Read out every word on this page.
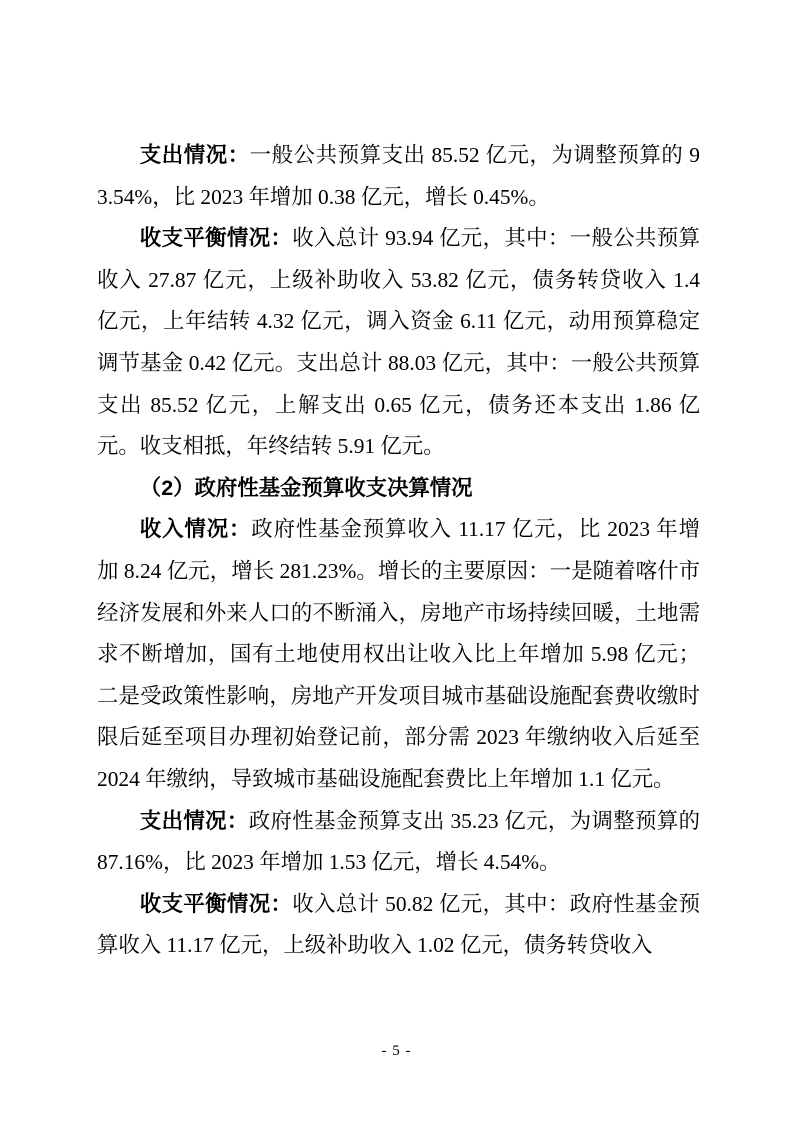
支出情况：一般公共预算支出 85.52 亿元，为调整预算的 93.54%，比 2023 年增加 0.38 亿元，增长 0.45%。

收支平衡情况：收入总计 93.94 亿元，其中：一般公共预算收入 27.87 亿元，上级补助收入 53.82 亿元，债务转贷收入 1.4 亿元，上年结转 4.32 亿元，调入资金 6.11 亿元，动用预算稳定调节基金 0.42 亿元。支出总计 88.03 亿元，其中：一般公共预算支出 85.52 亿元，上解支出 0.65 亿元，债务还本支出 1.86 亿元。收支相抵，年终结转 5.91 亿元。

（2）政府性基金预算收支决算情况

收入情况：政府性基金预算收入 11.17 亿元，比 2023 年增加 8.24 亿元，增长 281.23%。增长的主要原因：一是随着喀什市经济发展和外来人口的不断涌入，房地产市场持续回暖，土地需求不断增加，国有土地使用权出让收入比上年增加 5.98 亿元；二是受政策性影响，房地产开发项目城市基础设施配套费收缴时限后延至项目办理初始登记前，部分需 2023 年缴纳收入后延至 2024 年缴纳，导致城市基础设施配套费比上年增加 1.1 亿元。

支出情况：政府性基金预算支出 35.23 亿元，为调整预算的 87.16%，比 2023 年增加 1.53 亿元，增长 4.54%。

收支平衡情况：收入总计 50.82 亿元，其中：政府性基金预算收入 11.17 亿元，上级补助收入 1.02 亿元，债务转贷收入

- 5 -
